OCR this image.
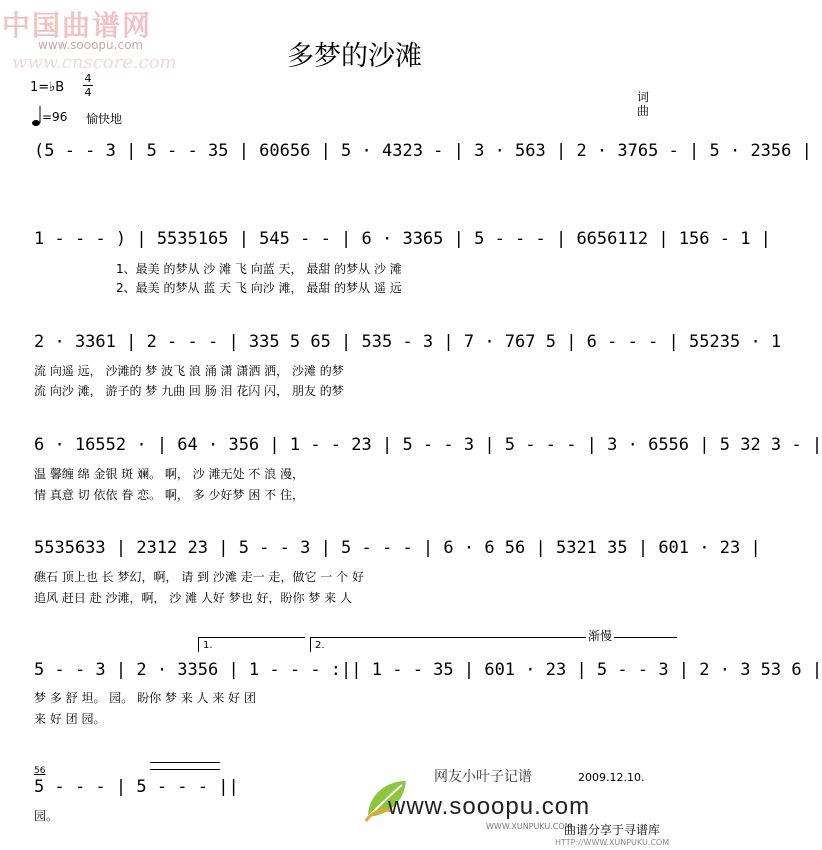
中国曲谱网
www.sooopu.com
www.cnscore.com	多梦的沙滩
1=♭B
4
4
=96 愉快地
词
曲
(5 - - 3 | 5 - - 35 | 60656 | 5 · 4323 - | 3 · 563 | 2 · 3765 - | 5 · 2356 |
1 - - - ) | 5535165 | 545 - - | 6 · 3365 | 5 - - - | 6656112 | 156 - 1 |
1、最美 的梦从 沙 滩 飞 向蓝 天， 最甜 的梦从 沙 滩
2、最美 的梦从 蓝 天 飞 向沙 滩， 最甜 的梦从 遥 远
2 · 3361 | 2 - - - | 335 5 65 | 535 - 3 | 7 · 767 5 | 6 - - - | 55235 · 1
流 向遥 远， 沙滩的 梦 波飞 浪 涌 潇 潇洒 洒， 沙滩 的梦
流 向沙 滩， 游子的 梦 九曲 回 肠 泪 花闪 闪， 朋友 的梦
6 · 16552 · | 64 · 356 | 1 - - 23 | 5 - - 3 | 5 - - - | 3 · 6556 | 5 32 3 - |
温 馨缠 绵 金银 斑 斓。 啊， 沙 滩无处 不 浪 漫，
情 真意 切 依依 眷 恋。 啊， 多 少好梦 困 不 住，
5535633 | 2312 23 | 5 - - 3 | 5 - - - | 6 · 6 56 | 5321 35 | 601 · 23 |
礁石 顶上也 长 梦幻，啊， 请 到 沙滩 走一 走，做它 一 个 好
追风 赶日 赴 沙滩，啊， 沙 滩 人好 梦也 好，盼你 梦 来 人
1.	2.
渐慢
5 - - 3 | 2 · 3356 | 1 - - - :|| 1 - - 35 | 601 · 23 | 5 - - 3 | 2 · 3 53 6 |
梦 多 舒 坦。 园。 盼你 梦 来 人 来 好 团
来 好 团 园。
56
5 - - - | 5 - - - ||
园。
网友小叶子记谱	2009.12.10.
www.sooopu.com
WWW.XUNPUKU.COM
曲谱分享于寻谱库
HTTP://WWW.XUNPUKU.COM
